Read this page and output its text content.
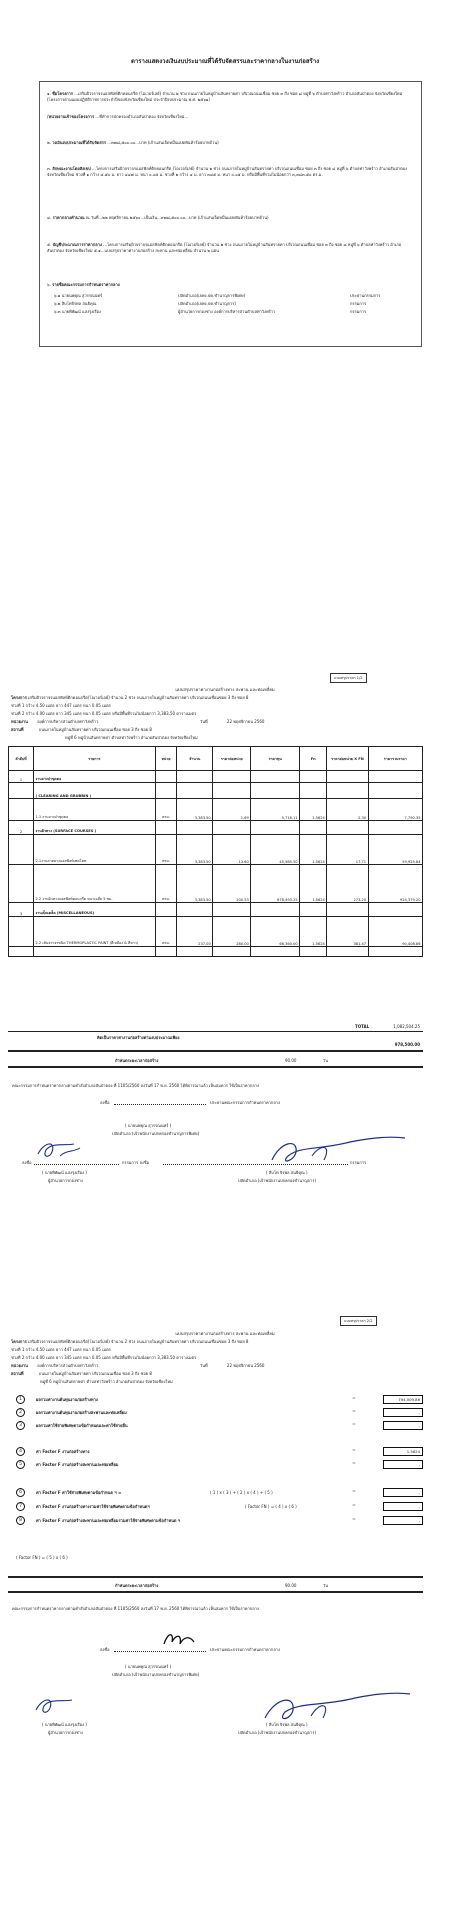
ตารางแสดงวงเงินงบประมาณที่ได้รับจัดสรรและราคากลางในงานก่อสร้าง
๑. ชื่อโครงการ ...เสริมผิวจราจรแอสฟัลท์ติกคอนกรีต (โอเวอร์เลย์) จำนวน ๒ ช่วง ถนนภายในหมู่บ้านสันทรายค่า บริเวณถนนเชื่อม ซอย ๓ ถึง ซอย ๘ หมู่ที่ ๖ ตำบลท่าวังพร้าว อำเภอสันป่าตอง จังหวัดเชียงใหม่ (โครงการตามแผนปฏิบัติราชการประจำปีของจังหวัดเชียงใหม่ ประจำปีงบประมาณ พ.ศ. ๒๕๖๑)
/หน่วยงานเจ้าของโครงการ ...ที่ทำการปกครองอำเภอสันป่าตอง จังหวัดเชียงใหม่...
๒. วงเงินงบประมาณที่ได้รับจัดสรร ...๓๗๘,๕๐๐.๐๐...บาท (เก้าแสนเจ็ดหมื่นแปดพันห้าร้อยบาทถ้วน)
๓. ลักษณะงานโดยสังเขป ...โครงการเสริมผิวจราจรแอสฟัลท์ติกคอนกรีต (โอเวอร์เลย์) จำนวน ๒ ช่วง ถนนภายในหมู่บ้านสันทรายค่า บริเวณถนนเชื่อม ซอย ๓ ถึง ซอย ๘ หมู่ที่ ๖ ตำบลท่าวังพร้าว อำเภอสันป่าตอง จังหวัดเชียงใหม่ ช่วงที่ ๑ กว้าง ๔.๕๐ ม. ยาว ๔๔๗ ม. หนา ๐.๐๕ ม. ช่วงที่ ๒ กว้าง ๔ ม. ยาว ๓๔๕ ม. หนา ๐.๐๕ ม. หรือมีพื้นที่รวมไม่น้อยกว่า ๓,๓๘๓.๕๐ ตร.ม.
๔. ราคากลางคำนวณ ณ วันที่...๒๒ พฤศจิกายน ๒๕๖๐...เป็นเงิน...๙๗๘,๕๐๐.๐๐...บาท (เก้าแสนเจ็ดหมื่นแปดพันห้าร้อยบาทถ้วน)
๕. บัญชีประมาณการราคากลาง ...โครงการเสริมผิวจราจรแอสฟัลท์ติกคอนกรีต (โอเวอร์เลย์) จำนวน ๒ ช่วง ถนนภายในหมู่บ้านสันทรายค่า บริเวณถนนเชื่อม ซอย ๓ ถึง ซอย ๘ หมู่ที่ ๖ ตำบลท่าวังพร้าว อำเภอสันป่าตอง จังหวัดเชียงใหม่ ๕.๑...แบบสรุปราคาค่างานก่อสร้าง สะพาน และท่อเหลี่ยม จำนวน ๒ แผ่น
๖. รายชื่อคณะกรรมการกำหนดราคากลาง
๖.๑ นายนพคุณ สุวรรณนทร์	ปลัดอำเภอ(เจพง.ปค.ชำนาญการพิเศษ)	ประธานกรรมการ
๖.๒ สิบโทจิรพล สนธิคุณ	ปลัดอำเภอ(เจพง.ปค.ชำนาญการ)	กรรมการ
๖.๓ นายพิพัฒน์ แสงรุ่งเรือง	ผู้อำนวยการกองช่าง องค์การบริหารส่วนตำบลท่าวังพร้าว	กรรมการ
แบบสรุปราคา 1/2
แบบสรุปราคาค่างานก่อสร้างทาง สะพาน และท่อเหลี่ยม
โครงการ เสริมผิวจราจรแอสฟัลท์ติกคอนกรีต(โอเวอร์เลย์) จำนวน 2 ช่วง ถนนภายในหมู่บ้านสันทรายค่า บริเวณถนนเชื่อมซอย 3 ถึง ซอย 8
ช่วงที่ 1 กว้าง 4.50 เมตร ยาว 447 เมตร หนา 0.05 เมตร
ช่วงที่ 2 กว้าง 4.00 เมตร ยาว 345 เมตร หนา 0.05 เมตร หรือมีพื้นที่รวมไม่น้อยกว่า 3,383.50 ตารางเมตร
หน่วยงาน องค์การบริหารส่วนตำบลท่าวังพร้าว	วันที่	22 พฤศจิกายน 2560
สถานที่	ถนนภายในหมู่บ้านสันทรายค่า บริเวณถนนเชื่อม ซอย 3 ถึง ซอย 8
หมู่ที่ 6 หมู่บ้านสันทรายค่า ตำบลท่าวังพร้าว อำเภอสันป่าตอง จังหวัดเชียงใหม่
ลำดับที่	รายการ	หน่วย	จำนวน	ราคาต่อหน่วย	ราคาทุน	Fn	ราคาต่อหน่วย X FN	ราคารวมราคา
1	งานถางป่าขุดตอ							
	( CLEARING AND GRUBBIN )							
	1.1 งานถางป่าขุดตอ	ตรม.	3,383.50	1.69	5,718.11	1.5624	2.30	7,790.35
2	งานผิวทาง (SURFACE COURSES )							
	2.1งานลาดยางแอสฟัลท์เทคโคท	ตรม.	3,383.50	13.60	45,985.50	1.5624	17.71	59,925.84
	2.2 งานผิวทางแอสฟัลท์คอนกรีต หนาเฉลี่ย 5 ซม.	ตรม.	3,383.50	200.53	678,493.25	1.5624	273.20	924,379.20
3	งานเบ็ดเตล็ด (MISCELLANEOUS)							
	2.2 เส้นจราจรชนิด THERMOPLASTIC PAINT (สีเหลือง & สีขาว)	ตรม.	237.00	280.00	66,360.00	1.5624	381.47	90,408.86

TOTAL	1,082,504.25
คิดเป็นราคาค่างานก่อสร้างตามงบประมาณเพียง
978,500.00
กำหนดระยะเวลาก่อสร้าง	90.00	วัน
คณะกรรมการกำหนดราคากลางตามคำสั่งอำเภอสันป่าตอง ที่ 1105/2560 ลงวันที่ 17 พ.ย. 2560 ได้พิจารณาแล้ว เห็นสมควร ใช้เป็นราคากลาง
ลงชื่อ	ประธานคณะกรรมการกำหนดราคากลาง
( นายนพคุณ สุวรรณนทร์ )
ปลัดอำเภอ (เจ้าพนักงานปกครองชำนาญการพิเศษ)
ลงชื่อ	กรรมการ ลงชื่อ	กรรมการ
( นายพิพัฒน์ แสงรุ่งเรือง )	( สิบโท จิรพล สนธิคุณ )
ผู้อำนวยการกองช่าง	ปลัดอำเภอ (เจ้าพนักงานปกครองชำนาญการ)
แบบสรุปราคา 2/2
แบบสรุปราคาค่างานก่อสร้างทาง สะพาน และท่อเหลี่ยม
โครงการ เสริมผิวจราจรแอสฟัลท์ติกคอนกรีต(โอเวอร์เลย์) จำนวน 2 ช่วง ถนนภายในหมู่บ้านสันทรายค่า บริเวณถนนเชื่อมซอย 3 ถึง ซอย 8
ช่วงที่ 1 กว้าง 4.50 เมตร ยาว 447 เมตร หนา 0.05 เมตร
ช่วงที่ 2 กว้าง 4.00 เมตร ยาว 345 เมตร หนา 0.05 เมตร หรือมีพื้นที่รวมไม่น้อยกว่า 3,383.50 ตารางเมตร
หน่วยงาน องค์การบริหารส่วนตำบลท่าวังพร้าว	วันที่	22 พฤศจิกายน 2560
สถานที่	ถนนภายในหมู่บ้านสันทรายค่า บริเวณถนนเชื่อม ซอย 3 ถึง ซอย 8
หมู่ที่ 6 หมู่บ้านสันทรายค่า ตำบลท่าวังพร้าว อำเภอสันป่าตอง จังหวัดเชียงใหม่
1	ผลรวมค่างานต้นทุนงานก่อสร้างทาง	=	794,009.86
2	ผลรวมค่างานต้นทุนงานก่อสร้างสะพานและท่อเหลี่ยม	=	-
3	ผลรวมค่าใช้จ่ายพิเศษตามข้อกำหนดและค่าใช้จ่ายอื่น	=	-
4	ค่า Factor F งานก่อสร้างทาง	=	1.5624
5	ค่า Factor F งานก่อสร้างสะพานและท่อเหลี่ยม	=	-
6	ค่า Factor F ค่าใช้จ่ายพิเศษตามข้อกำหนด ฯ =	=	-
7	ค่า Factor F งานก่อสร้างทางรวมค่าใช้จ่ายพิเศษตามข้อกำหนดฯ	=	-
8	ค่า Factor F งานก่อสร้างสะพานและท่อเหลี่ยมรวมค่าใช้จ่ายพิเศษตามข้อกำหนด ฯ	=	-
( 1 ) x ( 3 ) + ( 2 ) x ( 4 ) + ( 5 )
( Factor FN ) = ( 4 ) x ( 6 )
( Factor FN ) = ( 5 ) x ( 6 )
กำหนดระยะเวลาก่อสร้าง	90.00	วัน
คณะกรรมการกำหนดราคากลางตามคำสั่งอำเภอสันป่าตอง ที่ 1105/2560 ลงวันที่ 17 พ.ย. 2560 ได้พิจารณาแล้ว เห็นสมควร ใช้เป็นราคากลาง
ลงชื่อ	ประธานคณะกรรมการกำหนดราคากลาง
( นายนพคุณ สุวรรณนทร์ )
ปลัดอำเภอ (เจ้าพนักงานปกครองชำนาญการพิเศษ)
( นายพิพัฒน์ แสงรุ่งเรือง )	( สิบโท จิรพล สนธิคุณ )
ผู้อำนวยการกองช่าง	ปลัดอำเภอ (เจ้าพนักงานปกครองชำนาญการ)
